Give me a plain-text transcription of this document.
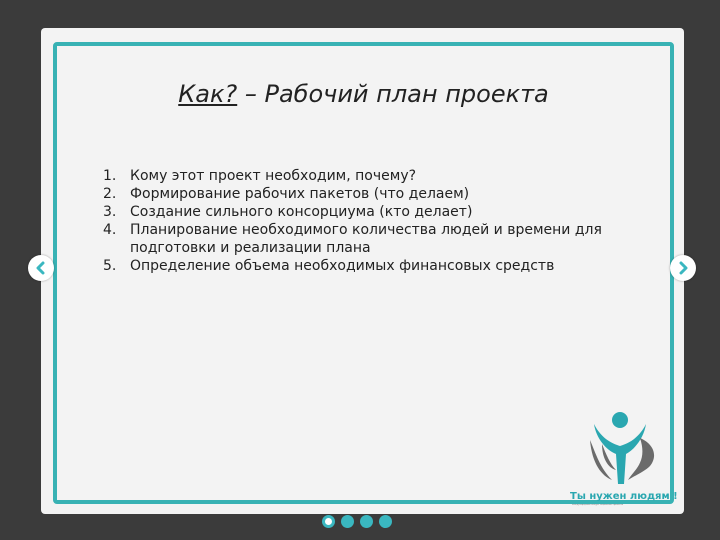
Как? – Рабочий план проекта
1. Кому этот проект необходим, почему?
2. Формирование рабочих пакетов (что делаем)
3. Создание сильного консорциума (кто делает)
4. Планирование необходимого количества людей и времени для подготовки и реализации плана
5. Определение объема необходимых финансовых средств
Ты нужен людям !
Международный конкурс социальных проектов
